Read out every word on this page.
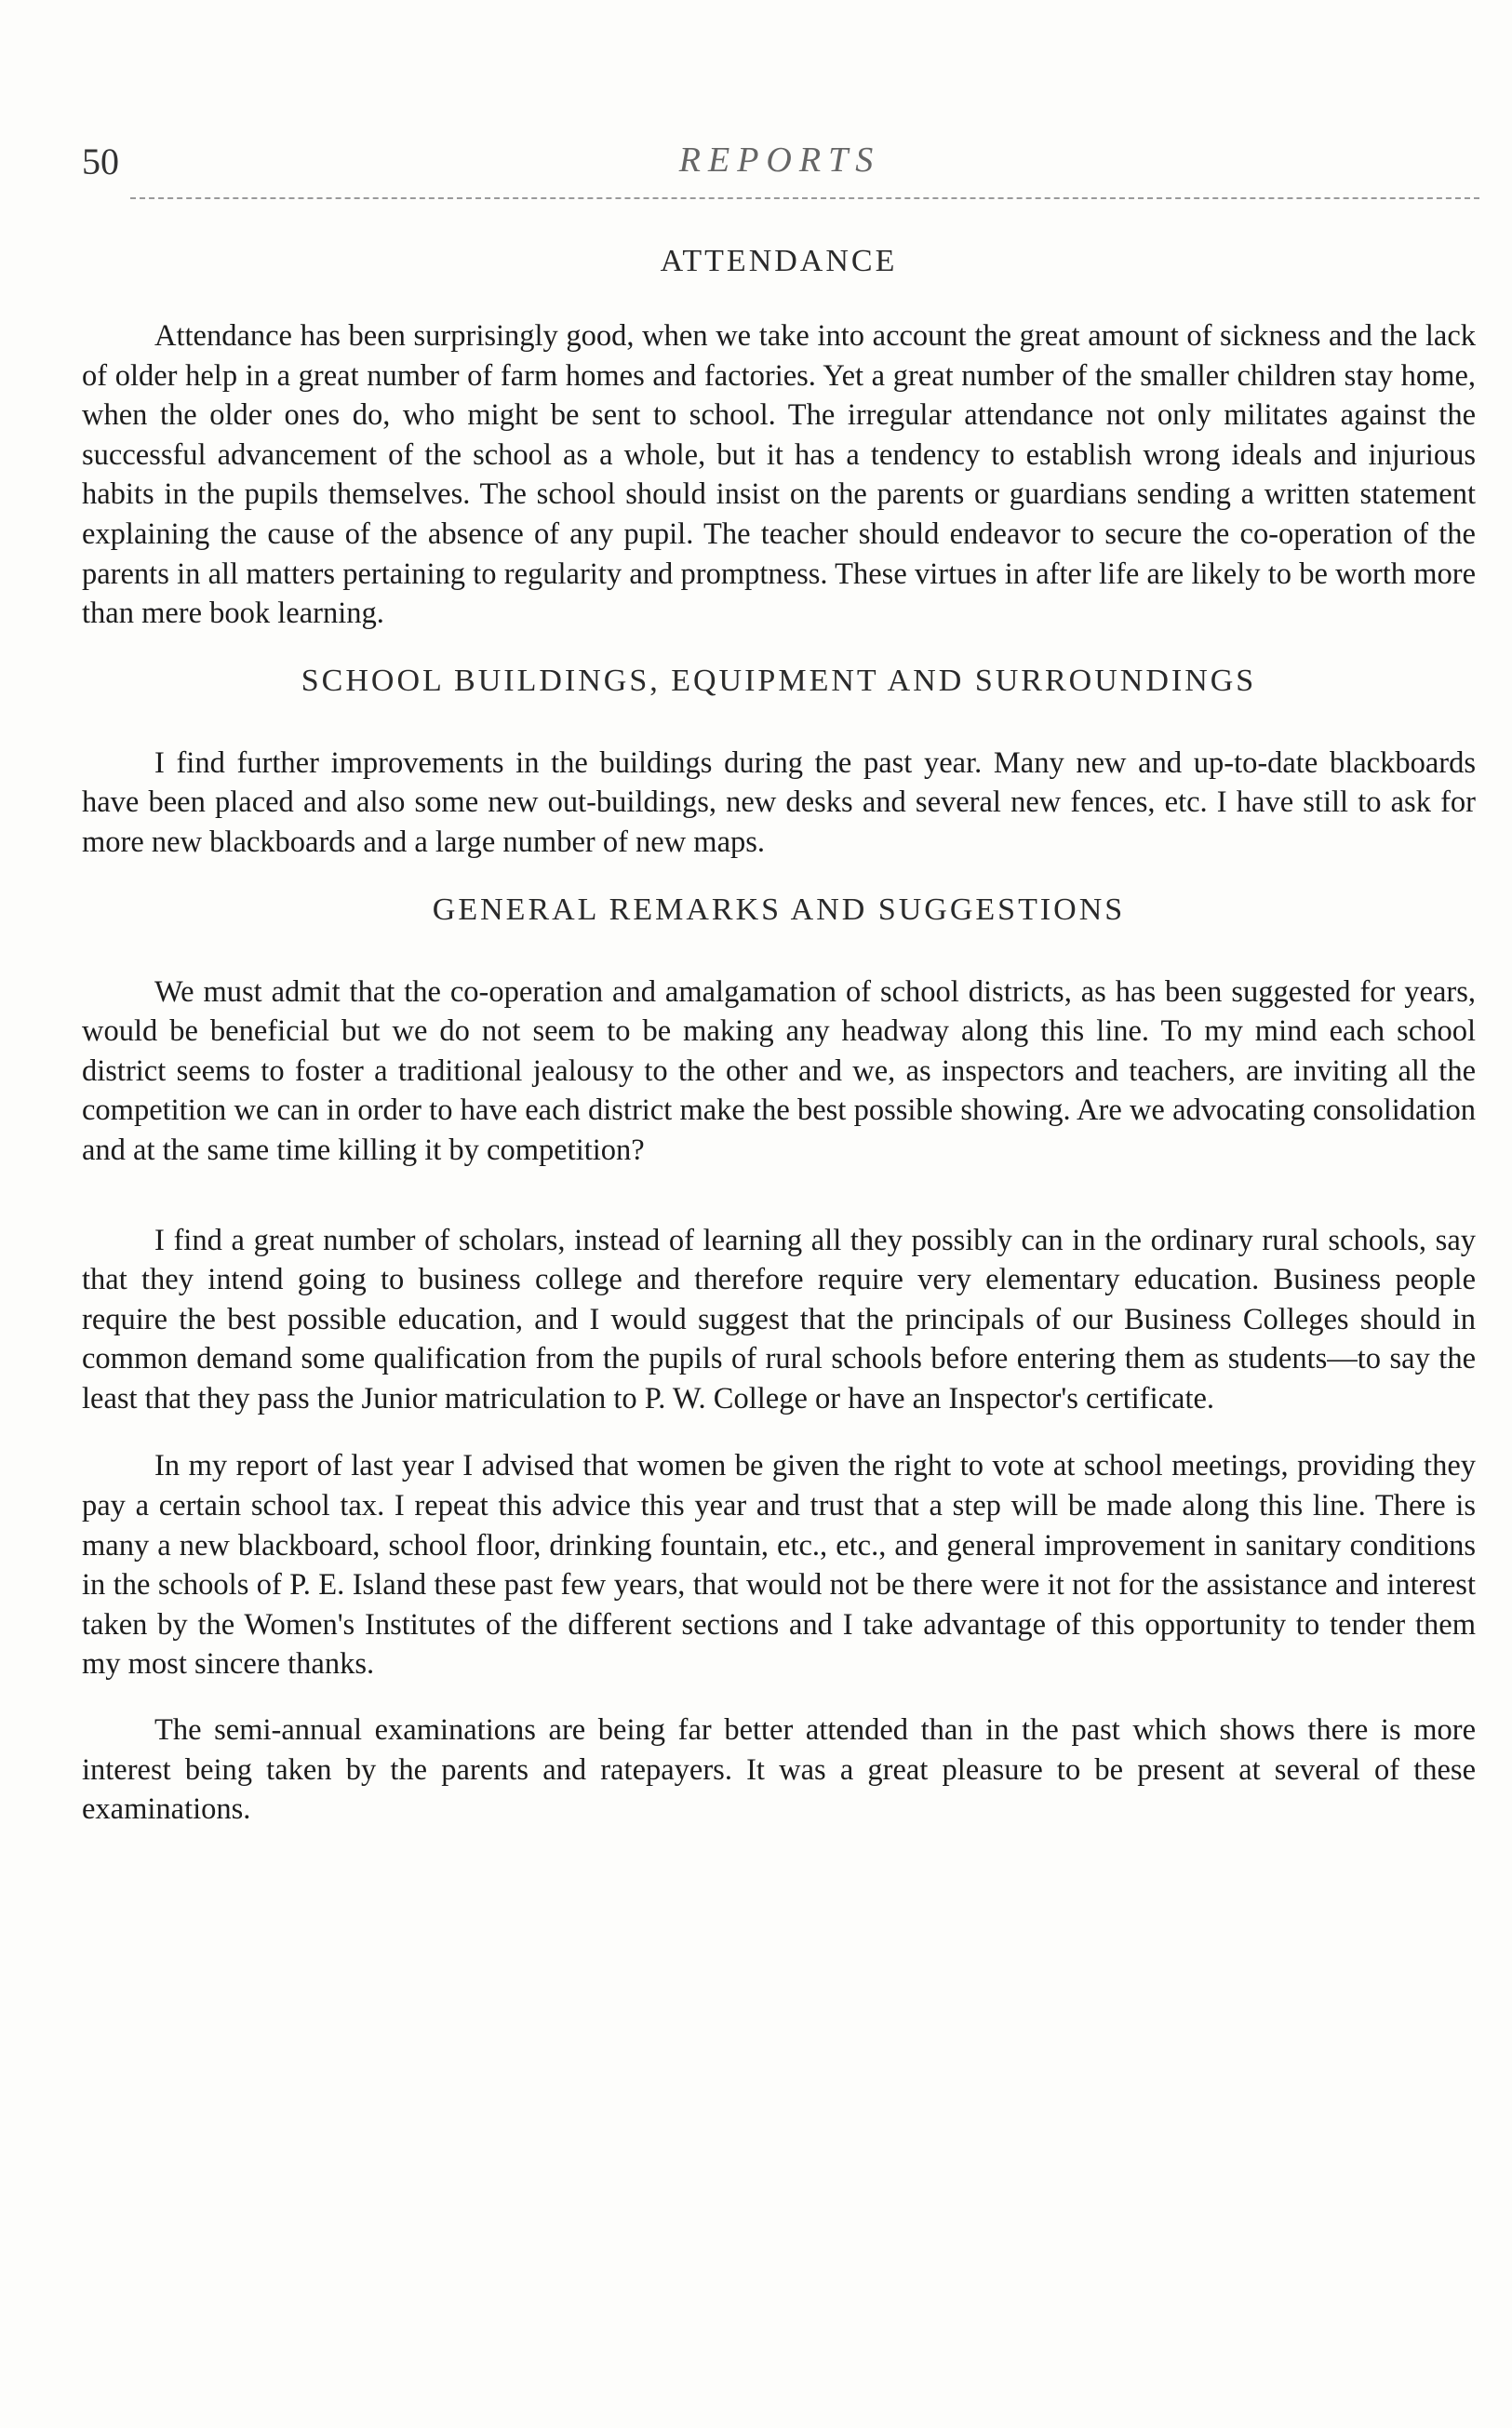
50	REPORTS
ATTENDANCE

Attendance has been surprisingly good, when we take into account the great amount of sickness and the lack of older help in a great number of farm homes and factories. Yet a great number of the smaller children stay home, when the older ones do, who might be sent to school. The irregular attendance not only militates against the successful advancement of the school as a whole, but it has a tendency to establish wrong ideals and injurious habits in the pupils themselves. The school should insist on the parents or guardians sending a written statement explaining the cause of the absence of any pupil. The teacher should endeavor to secure the co-operation of the parents in all matters pertaining to regularity and promptness. These virtues in after life are likely to be worth more than mere book learning.

SCHOOL BUILDINGS, EQUIPMENT AND SURROUNDINGS

I find further improvements in the buildings during the past year. Many new and up-to-date blackboards have been placed and also some new out-buildings, new desks and several new fences, etc. I have still to ask for more new blackboards and a large number of new maps.

GENERAL REMARKS AND SUGGESTIONS

We must admit that the co-operation and amalgamation of school districts, as has been suggested for years, would be beneficial but we do not seem to be making any headway along this line. To my mind each school district seems to foster a traditional jealousy to the other and we, as inspectors and teachers, are inviting all the competition we can in order to have each district make the best possible showing. Are we advocating consolidation and at the same time killing it by competition?

I find a great number of scholars, instead of learning all they possibly can in the ordinary rural schools, say that they intend going to business college and therefore require very elementary education. Business people require the best possible education, and I would suggest that the principals of our Business Colleges should in common demand some qualification from the pupils of rural schools before entering them as students—to say the least that they pass the Junior matriculation to P. W. College or have an Inspector's certificate.

In my report of last year I advised that women be given the right to vote at school meetings, providing they pay a certain school tax. I repeat this advice this year and trust that a step will be made along this line. There is many a new blackboard, school floor, drinking fountain, etc., etc., and general improvement in sanitary conditions in the schools of P. E. Island these past few years, that would not be there were it not for the assistance and interest taken by the Women's Institutes of the different sections and I take advantage of this opportunity to tender them my most sincere thanks.

The semi-annual examinations are being far better attended than in the past which shows there is more interest being taken by the parents and ratepayers. It was a great pleasure to be present at several of these examinations.
